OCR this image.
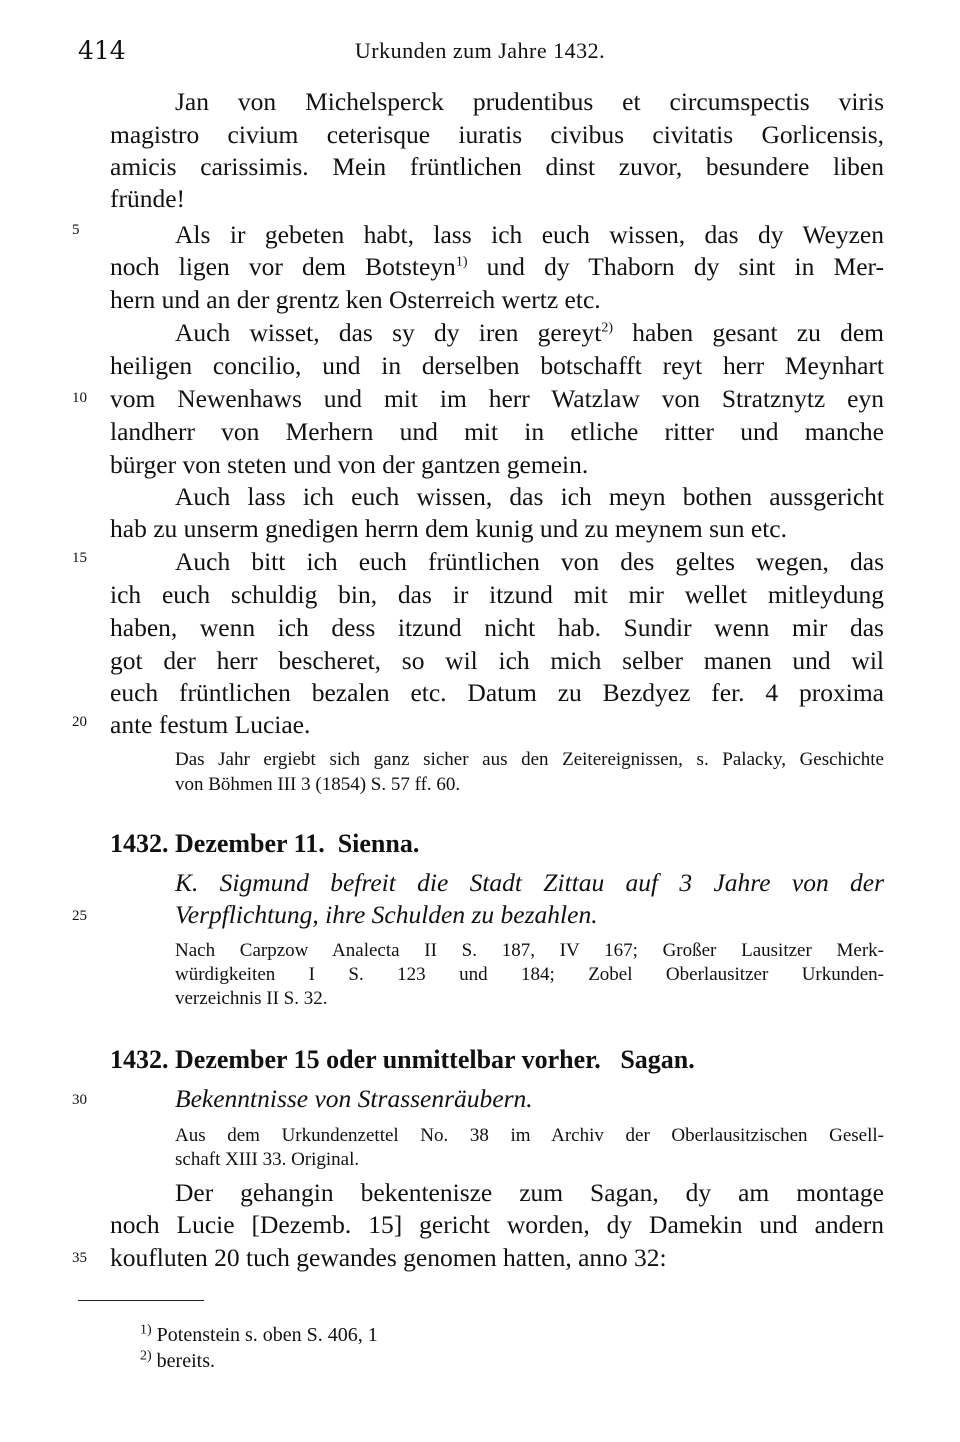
414	Urkunden zum Jahre 1432.
5
10
15
20
25
30
35
Jan von Michelsperck prudentibus et circumspectis viris
magistro civium ceterisque iuratis civibus civitatis Gorlicensis,
amicis carissimis. Mein früntlichen dinst zuvor, besundere liben
fründe!
Als ir gebeten habt, lass ich euch wissen, das dy Weyzen
noch ligen vor dem Botsteyn$^{1)}$ und dy Thaborn dy sint in Mer-
hern und an der grentz ken Osterreich wertz etc.
Auch wisset, das sy dy iren gereyt$^{2)}$ haben gesant zu dem
heiligen concilio, und in derselben botschafft reyt herr Meynhart
vom Newenhaws und mit im herr Watzlaw von Stratznytz eyn
landherr von Merhern und mit in etliche ritter und manche
bürger von steten und von der gantzen gemein.
Auch lass ich euch wissen, das ich meyn bothen aussgericht
hab zu unserm gnedigen herrn dem kunig und zu meynem sun etc.
Auch bitt ich euch früntlichen von des geltes wegen, das
ich euch schuldig bin, das ir itzund mit mir wellet mitleydung
haben, wenn ich dess itzund nicht hab. Sundir wenn mir das
got der herr bescheret, so wil ich mich selber manen und wil
euch früntlichen bezalen etc. Datum zu Bezdyez fer. 4 proxima
ante festum Luciae.
Das Jahr ergiebt sich ganz sicher aus den Zeitereignissen, s. Palacky, Geschichte
von Böhmen III 3 (1854) S. 57 ff. 60.
1432. Dezember 11. Sienna.
K. Sigmund befreit die Stadt Zittau auf 3 Jahre von der
Verpflichtung, ihre Schulden zu bezahlen.
Nach Carpzow Analecta II S. 187, IV 167; Großer Lausitzer Merk-
würdigkeiten I S. 123 und 184; Zobel Oberlausitzer Urkunden-
verzeichnis II S. 32.
1432. Dezember 15 oder unmittelbar vorher. Sagan.
Bekenntnisse von Strassenräubern.
Aus dem Urkundenzettel No. 38 im Archiv der Oberlausitzischen Gesell-
schaft XIII 33. Original.
Der gehangin bekentenisze zum Sagan, dy am montage
noch Lucie [Dezemb. 15] gericht worden, dy Damekin und andern
koufluten 20 tuch gewandes genomen hatten, anno 32:
$^{1)}$ Potenstein s. oben S. 406, 1
$^{2)}$ bereits.
